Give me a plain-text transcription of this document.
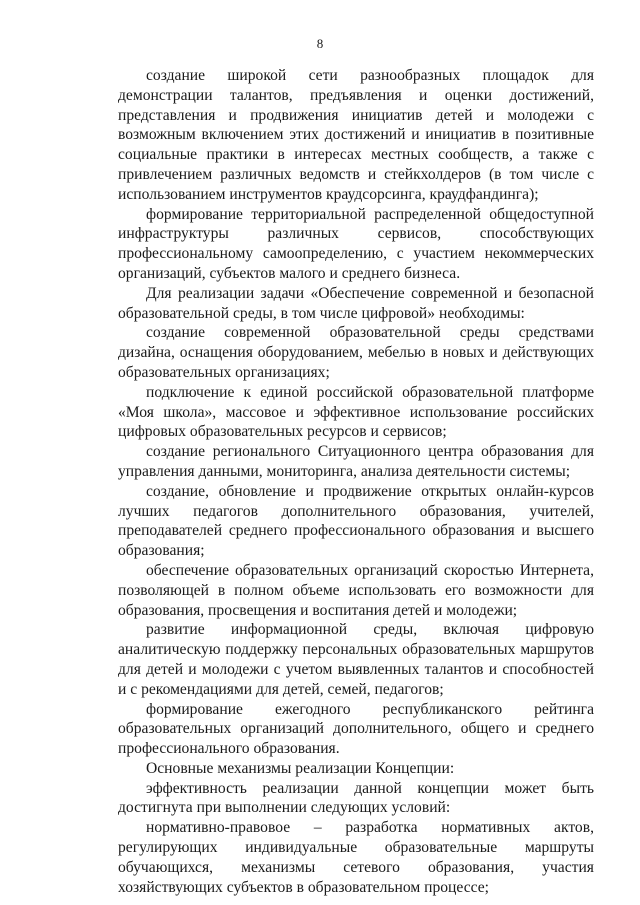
8

создание широкой сети разнообразных площадок для демонстрации талантов, предъявления и оценки достижений, представления и продвижения инициатив детей и молодежи с возможным включением этих достижений и инициатив в позитивные социальные практики в интересах местных сообществ, а также с привлечением различных ведомств и стейкхолдеров (в том числе с использованием инструментов краудсорсинга, краудфандинга);

формирование территориальной распределенной общедоступной инфраструктуры различных сервисов, способствующих профессиональному самоопределению, с участием некоммерческих организаций, субъектов малого и среднего бизнеса.

Для реализации задачи «Обеспечение современной и безопасной образовательной среды, в том числе цифровой» необходимы:

создание современной образовательной среды средствами дизайна, оснащения оборудованием, мебелью в новых и действующих образовательных организациях;

подключение к единой российской образовательной платформе «Моя школа», массовое и эффективное использование российских цифровых образовательных ресурсов и сервисов;

создание регионального Ситуационного центра образования для управления данными, мониторинга, анализа деятельности системы;

создание, обновление и продвижение открытых онлайн-курсов лучших педагогов дополнительного образования, учителей, преподавателей среднего профессионального образования и высшего образования;

обеспечение образовательных организаций скоростью Интернета, позволяющей в полном объеме использовать его возможности для образования, просвещения и воспитания детей и молодежи;

развитие информационной среды, включая цифровую аналитическую поддержку персональных образовательных маршрутов для детей и молодежи с учетом выявленных талантов и способностей и с рекомендациями для детей, семей, педагогов;

формирование ежегодного республиканского рейтинга образовательных организаций дополнительного, общего и среднего профессионального образования.

Основные механизмы реализации Концепции:

эффективность реализации данной концепции может быть достигнута при выполнении следующих условий:

нормативно-правовое – разработка нормативных актов, регулирующих индивидуальные образовательные маршруты обучающихся, механизмы сетевого образования, участия хозяйствующих субъектов в образовательном процессе;
